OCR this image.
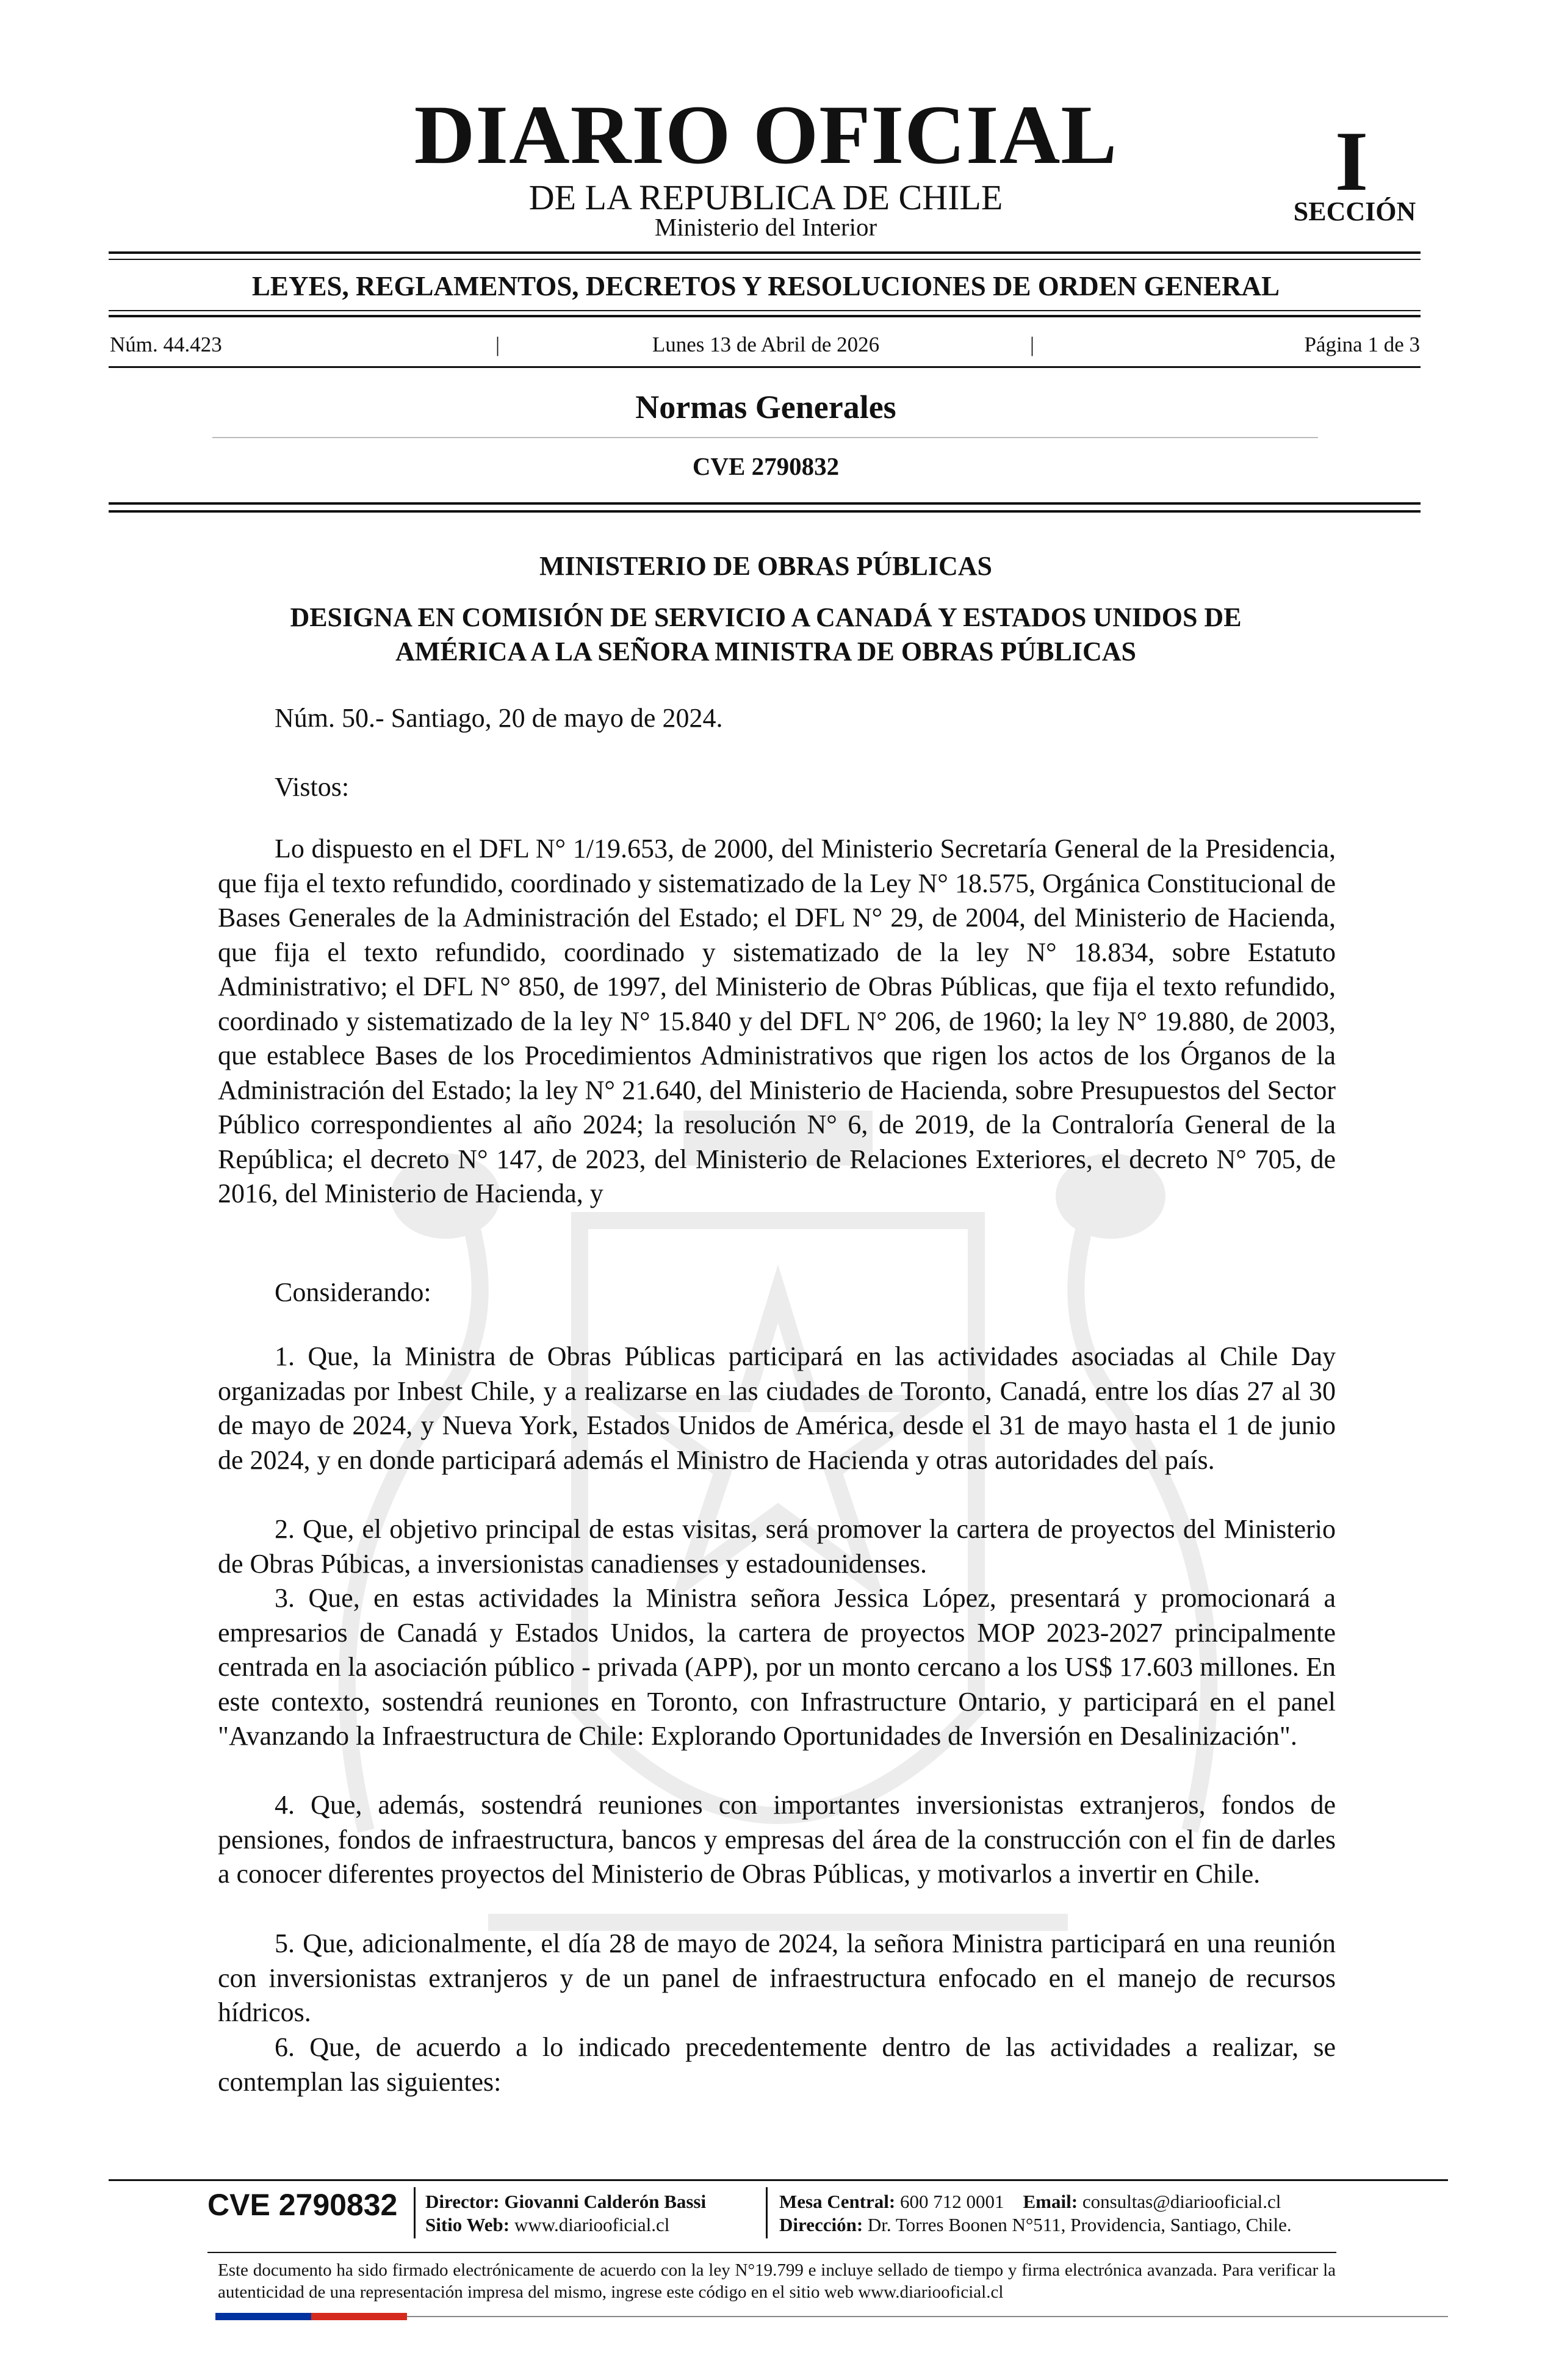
DIARIO OFICIAL
DE LA REPUBLICA DE CHILE
Ministerio del Interior
I
SECCIÓN
LEYES, REGLAMENTOS, DECRETOS Y RESOLUCIONES DE ORDEN GENERAL
Núm. 44.423	|	Lunes 13 de Abril de 2026	|	Página 1 de 3
Normas Generales
CVE 2790832
MINISTERIO DE OBRAS PÚBLICAS
DESIGNA EN COMISIÓN DE SERVICIO A CANADÁ Y ESTADOS UNIDOS DE
AMÉRICA A LA SEÑORA MINISTRA DE OBRAS PÚBLICAS
Núm. 50.- Santiago, 20 de mayo de 2024.
Vistos:

Lo dispuesto en el DFL N° 1/19.653, de 2000, del Ministerio Secretaría General de la Presidencia, que fija el texto refundido, coordinado y sistematizado de la Ley N° 18.575, Orgánica Constitucional de Bases Generales de la Administración del Estado; el DFL N° 29, de 2004, del Ministerio de Hacienda, que fija el texto refundido, coordinado y sistematizado de la ley N° 18.834, sobre Estatuto Administrativo; el DFL N° 850, de 1997, del Ministerio de Obras Públicas, que fija el texto refundido, coordinado y sistematizado de la ley N° 15.840 y del DFL N° 206, de 1960; la ley N° 19.880, de 2003, que establece Bases de los Procedimientos Administrativos que rigen los actos de los Órganos de la Administración del Estado; la ley N° 21.640, del Ministerio de Hacienda, sobre Presupuestos del Sector Público correspondientes al año 2024; la resolución N° 6, de 2019, de la Contraloría General de la República; el decreto N° 147, de 2023, del Ministerio de Relaciones Exteriores, el decreto N° 705, de 2016, del Ministerio de Hacienda, y

Considerando:

1. Que, la Ministra de Obras Públicas participará en las actividades asociadas al Chile Day organizadas por Inbest Chile, y a realizarse en las ciudades de Toronto, Canadá, entre los días 27 al 30 de mayo de 2024, y Nueva York, Estados Unidos de América, desde el 31 de mayo hasta el 1 de junio de 2024, y en donde participará además el Ministro de Hacienda y otras autoridades del país.

2. Que, el objetivo principal de estas visitas, será promover la cartera de proyectos del Ministerio de Obras Púbicas, a inversionistas canadienses y estadounidenses.

3. Que, en estas actividades la Ministra señora Jessica López, presentará y promocionará a empresarios de Canadá y Estados Unidos, la cartera de proyectos MOP 2023-2027 principalmente centrada en la asociación público - privada (APP), por un monto cercano a los US$ 17.603 millones. En este contexto, sostendrá reuniones en Toronto, con Infrastructure Ontario, y participará en el panel "Avanzando la Infraestructura de Chile: Explorando Oportunidades de Inversión en Desalinización".

4. Que, además, sostendrá reuniones con importantes inversionistas extranjeros, fondos de pensiones, fondos de infraestructura, bancos y empresas del área de la construcción con el fin de darles a conocer diferentes proyectos del Ministerio de Obras Públicas, y motivarlos a invertir en Chile.

5. Que, adicionalmente, el día 28 de mayo de 2024, la señora Ministra participará en una reunión con inversionistas extranjeros y de un panel de infraestructura enfocado en el manejo de recursos hídricos.

6. Que, de acuerdo a lo indicado precedentemente dentro de las actividades a realizar, se contemplan las siguientes:

CVE 2790832 Director: Giovanni Calderón Bassi
Sitio Web: www.diariooficial.cl
Mesa Central: 600 712 0001 Email: consultas@diariooficial.cl
Dirección: Dr. Torres Boonen N°511, Providencia, Santiago, Chile.
Este documento ha sido firmado electrónicamente de acuerdo con la ley N°19.799 e incluye sellado de tiempo y firma electrónica avanzada. Para verificar la autenticidad de una representación impresa del mismo, ingrese este código en el sitio web www.diariooficial.cl
